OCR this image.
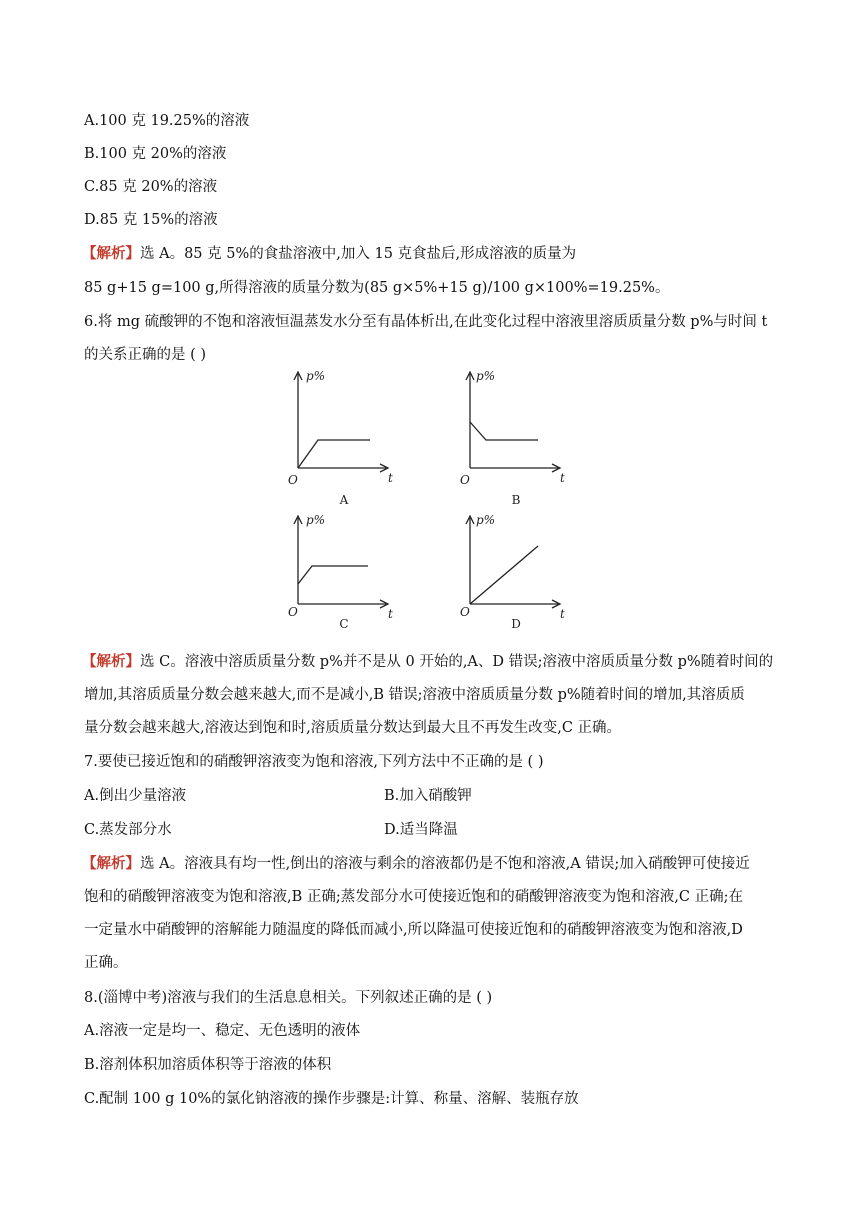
A.100 克 19.25%的溶液
B.100 克 20%的溶液
C.85 克 20%的溶液
D.85 克 15%的溶液
【解析】选 A。85 克 5%的食盐溶液中,加入 15 克食盐后,形成溶液的质量为
85 g+15 g=100 g,所得溶液的质量分数为(85 g×5%+15 g)/100 g×100%=19.25%。
6.将 mg 硫酸钾的不饱和溶液恒温蒸发水分至有晶体析出,在此变化过程中溶液里溶质质量分数 p%与时间 t
的关系正确的是 ( )
p%
t
O
A
p%
t
O
B
p%
t
O
C
p%
t
O
D
【解析】选 C。溶液中溶质质量分数 p%并不是从 0 开始的,A、D 错误;溶液中溶质质量分数 p%随着时间的
增加,其溶质质量分数会越来越大,而不是减小,B 错误;溶液中溶质质量分数 p%随着时间的增加,其溶质质
量分数会越来越大,溶液达到饱和时,溶质质量分数达到最大且不再发生改变,C 正确。
7.要使已接近饱和的硝酸钾溶液变为饱和溶液,下列方法中不正确的是 ( )
A.倒出少量溶液	B.加入硝酸钾
C.蒸发部分水	D.适当降温
【解析】选 A。溶液具有均一性,倒出的溶液与剩余的溶液都仍是不饱和溶液,A 错误;加入硝酸钾可使接近
饱和的硝酸钾溶液变为饱和溶液,B 正确;蒸发部分水可使接近饱和的硝酸钾溶液变为饱和溶液,C 正确;在
一定量水中硝酸钾的溶解能力随温度的降低而减小,所以降温可使接近饱和的硝酸钾溶液变为饱和溶液,D
正确。
8.(淄博中考)溶液与我们的生活息息相关。下列叙述正确的是 ( )
A.溶液一定是均一、稳定、无色透明的液体
B.溶剂体积加溶质体积等于溶液的体积
C.配制 100 g 10%的氯化钠溶液的操作步骤是:计算、称量、溶解、装瓶存放
